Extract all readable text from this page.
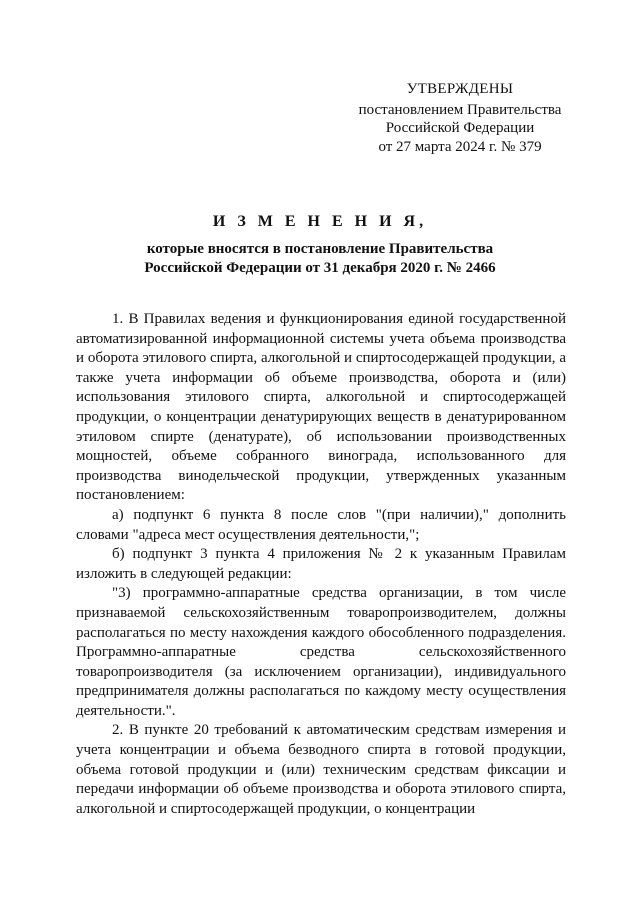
УТВЕРЖДЕНЫ
постановлением Правительства
Российской Федерации
от 27 марта 2024 г. № 379
И З М Е Н Е Н И Я,
которые вносятся в постановление Правительства
Российской Федерации от 31 декабря 2020 г. № 2466

1. В Правилах ведения и функционирования единой государственной автоматизированной информационной системы учета объема производства и оборота этилового спирта, алкогольной и спиртосодержащей продукции, а также учета информации об объеме производства, оборота и (или) использования этилового спирта, алкогольной и спиртосодержащей продукции, о концентрации денатурирующих веществ в денатурированном этиловом спирте (денатурате), об использовании производственных мощностей, объеме собранного винограда, использованного для производства винодельческой продукции, утвержденных указанным постановлением:

а) подпункт 6 пункта 8 после слов "(при наличии)," дополнить словами "адреса мест осуществления деятельности,";

б) подпункт 3 пункта 4 приложения № 2 к указанным Правилам изложить в следующей редакции:

"3) программно-аппаратные средства организации, в том числе признаваемой сельскохозяйственным товаропроизводителем, должны располагаться по месту нахождения каждого обособленного подразделения. Программно-аппаратные средства сельскохозяйственного товаропроизводителя (за исключением организации), индивидуального предпринимателя должны располагаться по каждому месту осуществления деятельности.".

2. В пункте 20 требований к автоматическим средствам измерения и учета концентрации и объема безводного спирта в готовой продукции, объема готовой продукции и (или) техническим средствам фиксации и передачи информации об объеме производства и оборота этилового спирта, алкогольной и спиртосодержащей продукции, о концентрации
